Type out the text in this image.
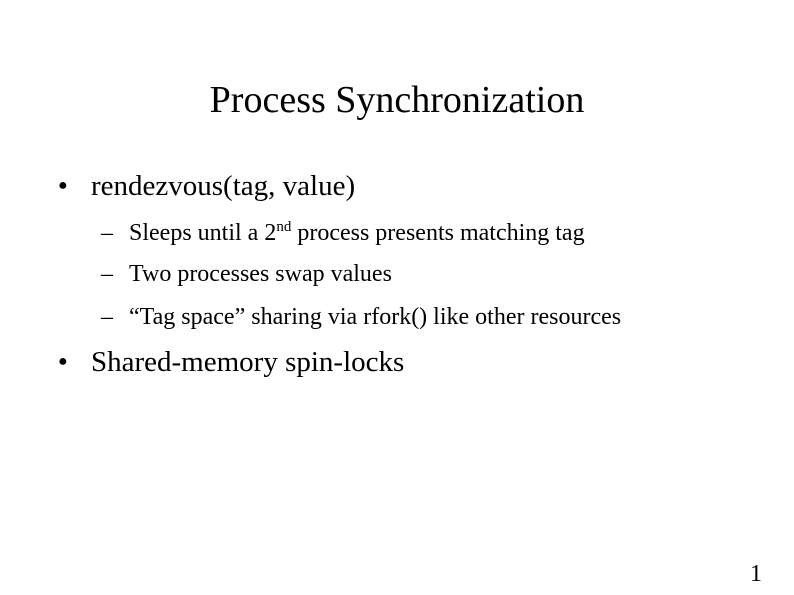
Process Synchronization
● rendezvous(tag, value)
– Sleeps until a 2nd process presents matching tag
– Two processes swap values
– “Tag space” sharing via rfork() like other resources
● Shared-memory spin-locks
1
